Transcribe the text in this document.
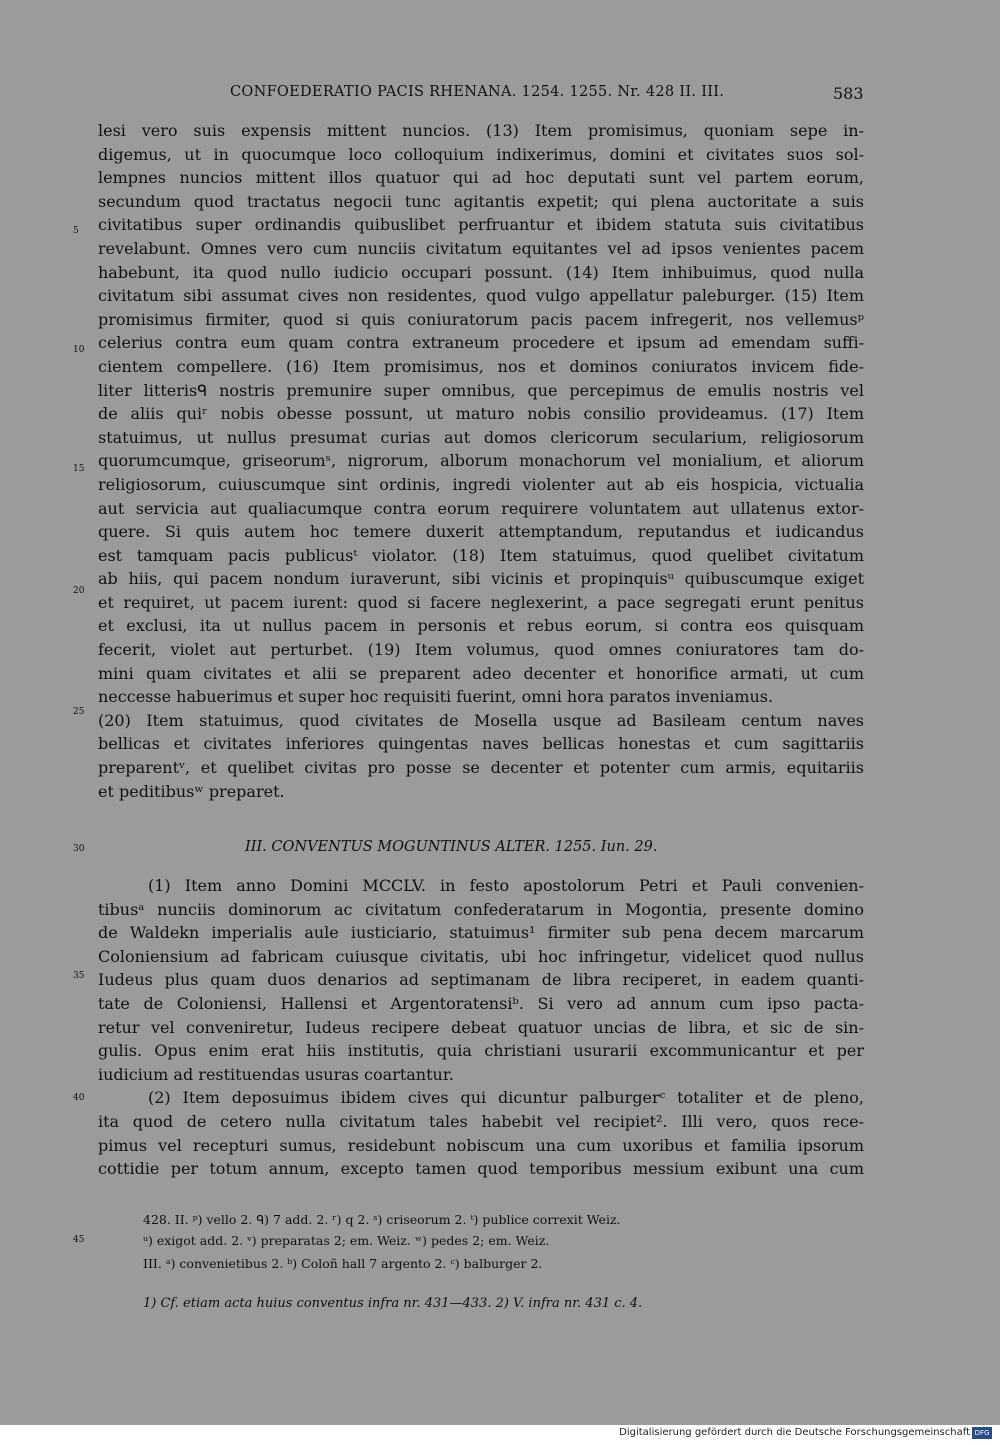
CONFOEDERATIO PACIS RHENANA. 1254. 1255. Nr. 428 II. III.	583
lesi vero suis expensis mittent nuncios. (13) Item promisimus, quoniam sepe in-
digemus, ut in quocumque loco colloquium indixerimus, domini et civitates suos sol-
lempnes nuncios mittent illos quatuor qui ad hoc deputati sunt vel partem eorum,
secundum quod tractatus negocii tunc agitantis expetit; qui plena auctoritate a suis
civitatibus super ordinandis quibuslibet perfruantur et ibidem statuta suis civitatibus
revelabunt. Omnes vero cum nunciis civitatum equitantes vel ad ipsos venientes pacem
habebunt, ita quod nullo iudicio occupari possunt. (14) Item inhibuimus, quod nulla
civitatum sibi assumat cives non residentes, quod vulgo appellatur paleburger. (15) Item
promisimus firmiter, quod si quis coniuratorum pacis pacem infregerit, nos vellemusᵖ
celerius contra eum quam contra extraneum procedere et ipsum ad emendam suffi-
cientem compellere. (16) Item promisimus, nos et dominos coniuratos invicem fide-
liter litterisᑫ nostris premunire super omnibus, que percepimus de emulis nostris vel
de aliis quiʳ nobis obesse possunt, ut maturo nobis consilio provideamus. (17) Item
statuimus, ut nullus presumat curias aut domos clericorum secularium, religiosorum
quorumcumque, griseorumˢ, nigrorum, alborum monachorum vel monialium, et aliorum
religiosorum, cuiuscumque sint ordinis, ingredi violenter aut ab eis hospicia, victualia
aut servicia aut qualiacumque contra eorum requirere voluntatem aut ullatenus extor-
quere. Si quis autem hoc temere duxerit attemptandum, reputandus et iudicandus
est tamquam pacis publicusᵗ violator. (18) Item statuimus, quod quelibet civitatum
ab hiis, qui pacem nondum iuraverunt, sibi vicinis et propinquisᵘ quibuscumque exiget
et requiret, ut pacem iurent: quod si facere neglexerint, a pace segregati erunt penitus
et exclusi, ita ut nullus pacem in personis et rebus eorum, si contra eos quisquam
fecerit, violet aut perturbet. (19) Item volumus, quod omnes coniuratores tam do-
mini quam civitates et alii se preparent adeo decenter et honorifice armati, ut cum
neccesse habuerimus et super hoc requisiti fuerint, omni hora paratos inveniamus.
(20) Item statuimus, quod civitates de Mosella usque ad Basileam centum naves
bellicas et civitates inferiores quingentas naves bellicas honestas et cum sagittariis
preparentᵛ, et quelibet civitas pro posse se decenter et potenter cum armis, equitariis
et peditibusʷ preparet.
III. CONVENTUS MOGUNTINUS ALTER. 1255. Iun. 29.
(1) Item anno Domini MCCLV. in festo apostolorum Petri et Pauli convenien-
tibusᵃ nunciis dominorum ac civitatum confederatarum in Mogontia, presente domino
de Waldekn imperialis aule iusticiario, statuimus¹ firmiter sub pena decem marcarum
Coloniensium ad fabricam cuiusque civitatis, ubi hoc infringetur, videlicet quod nullus
Iudeus plus quam duos denarios ad septimanam de libra reciperet, in eadem quanti-
tate de Coloniensi, Hallensi et Argentoratensiᵇ. Si vero ad annum cum ipso pacta-
retur vel conveniretur, Iudeus recipere debeat quatuor uncias de libra, et sic de sin-
gulis. Opus enim erat hiis institutis, quia christiani usurarii excommunicantur et per
iudicium ad restituendas usuras coartantur.
(2) Item deposuimus ibidem cives qui dicuntur palburgerᶜ totaliter et de pleno,
ita quod de cetero nulla civitatum tales habebit vel recipiet². Illi vero, quos rece-
pimus vel recepturi sumus, residebunt nobiscum una cum uxoribus et familia ipsorum
cottidie per totum annum, excepto tamen quod temporibus messium exibunt una cum
5
10
15
20
25
30
35
40
45
428. II. ᵖ) vello 2. ᑫ) 7 add. 2. ʳ) q 2. ˢ) criseorum 2. ᵗ) publice correxit Weiz.
ᵘ) exigot add. 2. ᵛ) preparatas 2; em. Weiz. ʷ) pedes 2; em. Weiz.
III. ᵃ) convenietibus 2. ᵇ) Coloñ hall 7 argento 2. ᶜ) balburger 2.
1) Cf. etiam acta huius conventus infra nr. 431—433. 2) V. infra nr. 431 c. 4.
Digitalisierung gefördert durch die Deutsche Forschungsgemeinschaft DFG
